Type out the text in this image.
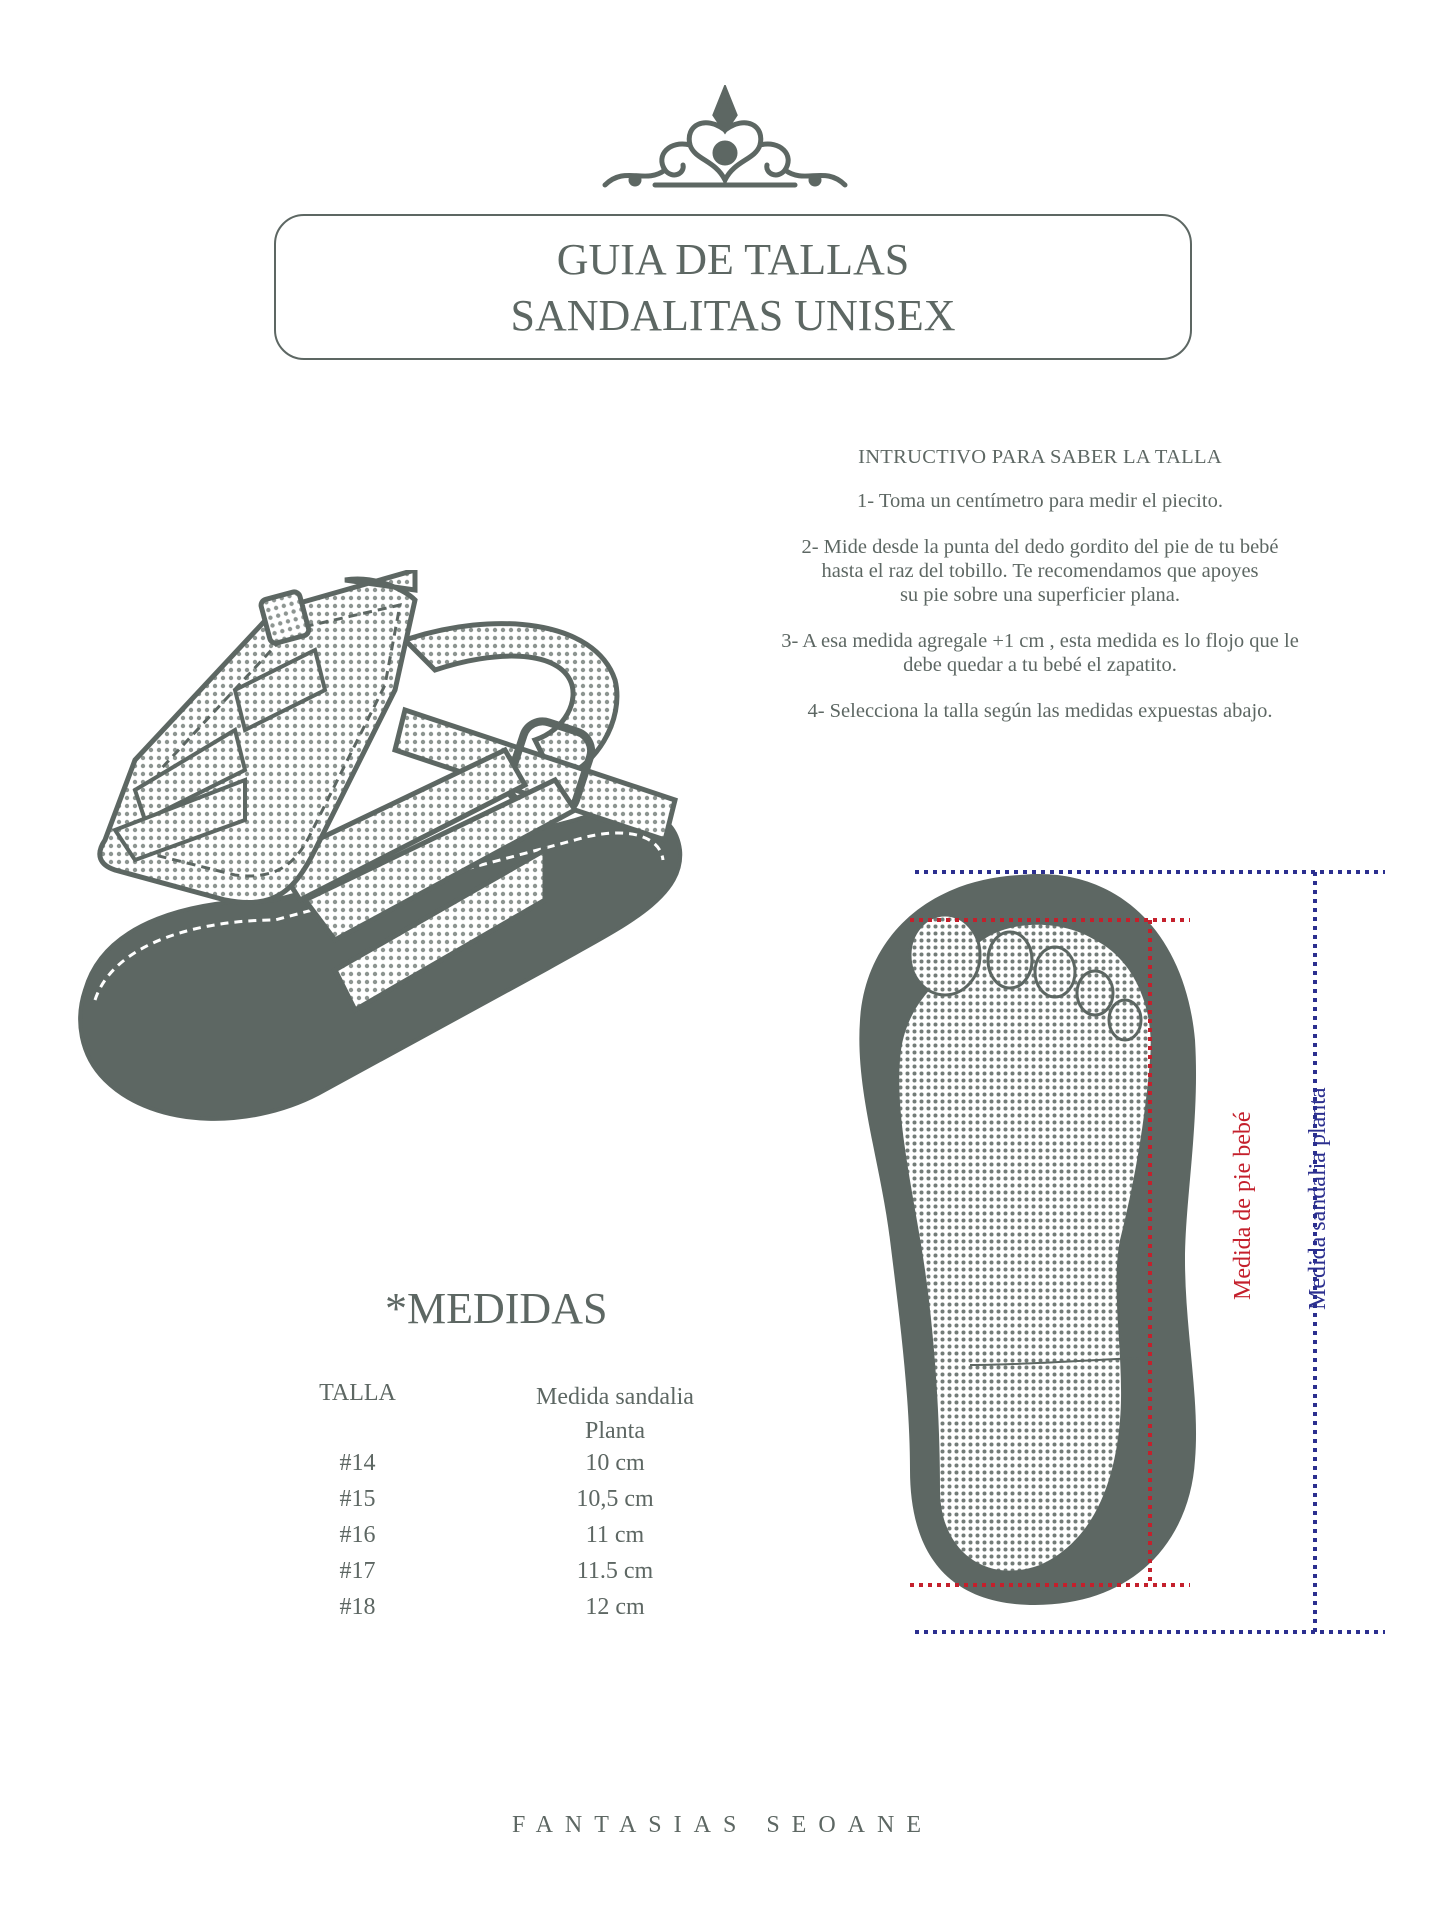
GUIA DE TALLAS
SANDALITAS UNISEX
INTRUCTIVO PARA SABER LA TALLA

1- Toma un centímetro para medir el piecito.

2- Mide desde la punta del dedo gordito del pie de tu bebé
hasta el raz del tobillo. Te recomendamos que apoyes
su pie sobre una superficier plana.

3- A esa medida agregale +1 cm , esta medida es lo flojo que le
debe quedar a tu bebé el zapatito.

4- Selecciona la talla según las medidas expuestas abajo.

Medida de pie bebé Medida sandalia planta
*MEDIDAS
TALLA	Medida sandalia
Planta
#14	10 cm
#15	10,5 cm
#16	11 cm
#17	11.5 cm
#18	12 cm
FANTASIAS SEOANE
